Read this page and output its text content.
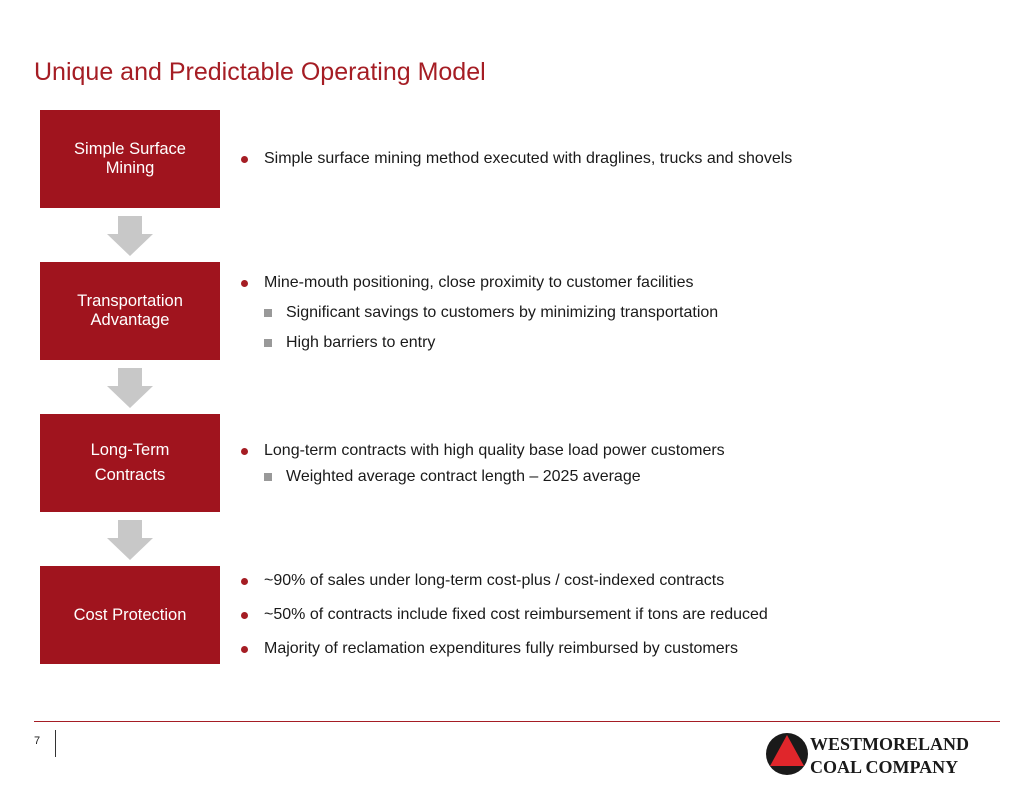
Unique and Predictable Operating Model
Simple Surface
Mining
Transportation
Advantage
Long-Term
Contracts
Cost Protection
Simple surface mining method executed with draglines, trucks and shovels
Mine-mouth positioning, close proximity to customer facilities
Significant savings to customers by minimizing transportation
High barriers to entry
Long-term contracts with high quality base load power customers
Weighted average contract length – 2025 average
~90% of sales under long-term cost-plus / cost-indexed contracts
~50% of contracts include fixed cost reimbursement if tons are reduced
Majority of reclamation expenditures fully reimbursed by customers
7	WESTMORELAND
COAL COMPANY
